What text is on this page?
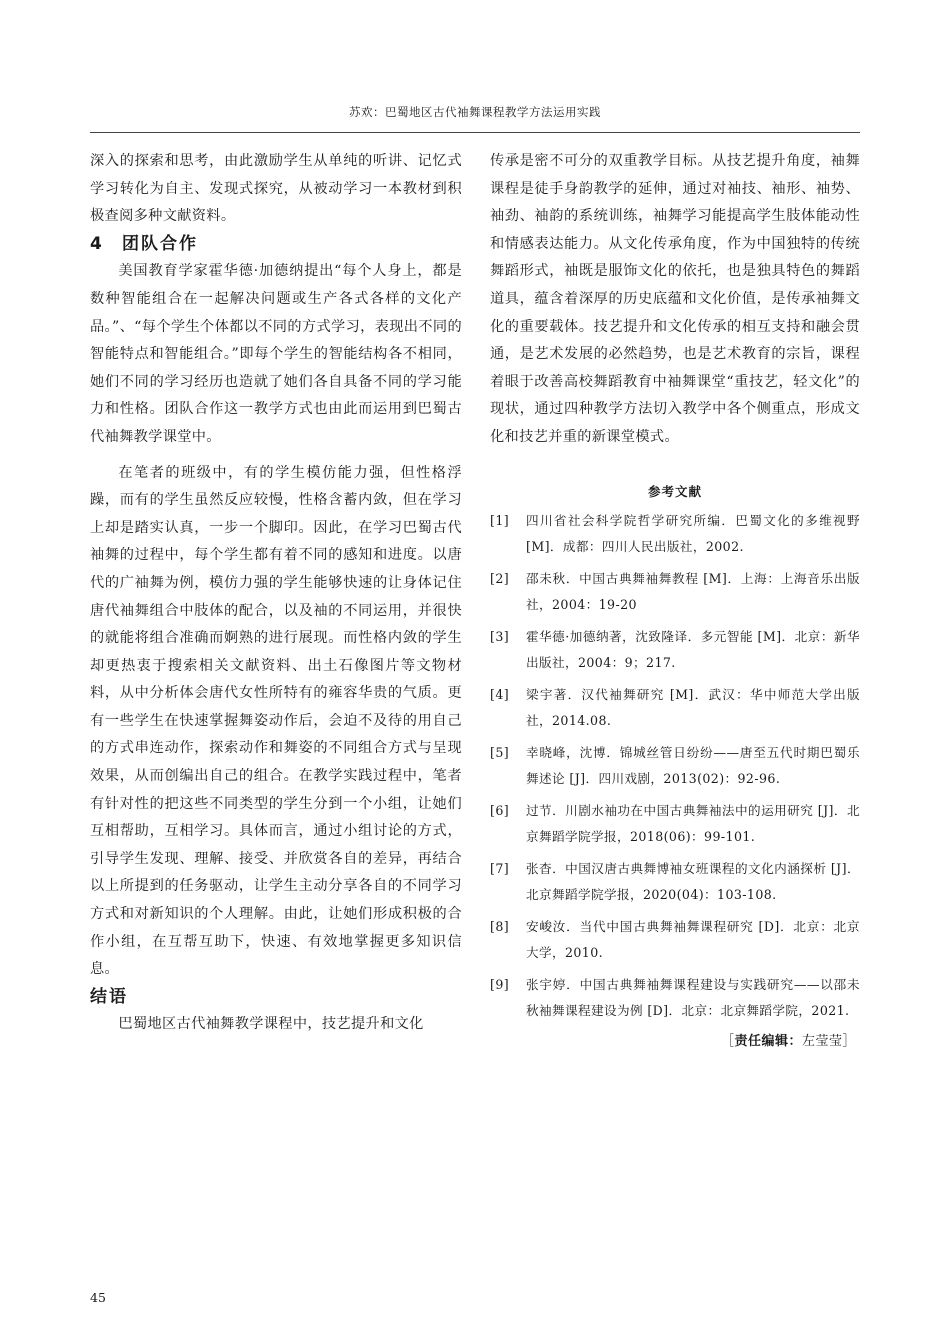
苏欢：巴蜀地区古代袖舞课程教学方法运用实践

深入的探索和思考，由此激励学生从单纯的听讲、记忆式学习转化为自主、发现式探究，从被动学习一本教材到积极查阅多种文献资料。

4 团队合作

美国教育学家霍华德·加德纳提出“每个人身上，都是数种智能组合在一起解决问题或生产各式各样的文化产品。”、“每个学生个体都以不同的方式学习，表现出不同的智能特点和智能组合。”即每个学生的智能结构各不相同，她们不同的学习经历也造就了她们各自具备不同的学习能力和性格。团队合作这一教学方式也由此而运用到巴蜀古代袖舞教学课堂中。

在笔者的班级中，有的学生模仿能力强，但性格浮躁，而有的学生虽然反应较慢，性格含蓄内敛，但在学习上却是踏实认真，一步一个脚印。因此，在学习巴蜀古代袖舞的过程中，每个学生都有着不同的感知和进度。以唐代的广袖舞为例，模仿力强的学生能够快速的让身体记住唐代袖舞组合中肢体的配合，以及袖的不同运用，并很快的就能将组合准确而婀熟的进行展现。而性格内敛的学生却更热衷于搜索相关文献资料、出土石像图片等文物材料，从中分析体会唐代女性所特有的雍容华贵的气质。更有一些学生在快速掌握舞姿动作后，会迫不及待的用自己的方式串连动作，探索动作和舞姿的不同组合方式与呈现效果，从而创编出自己的组合。在教学实践过程中，笔者有针对性的把这些不同类型的学生分到一个小组，让她们互相帮助，互相学习。具体而言，通过小组讨论的方式，引导学生发现、理解、接受、并欣赏各自的差异，再结合以上所提到的任务驱动，让学生主动分享各自的不同学习方式和对新知识的个人理解。由此，让她们形成积极的合作小组，在互帮互助下，快速、有效地掌握更多知识信息。

结语

巴蜀地区古代袖舞教学课程中，技艺提升和文化

传承是密不可分的双重教学目标。从技艺提升角度，袖舞课程是徒手身韵教学的延伸，通过对袖技、袖形、袖势、袖劲、袖韵的系统训练，袖舞学习能提高学生肢体能动性和情感表达能力。从文化传承角度，作为中国独特的传统舞蹈形式，袖既是服饰文化的依托，也是独具特色的舞蹈道具，蕴含着深厚的历史底蕴和文化价值，是传承袖舞文化的重要载体。技艺提升和文化传承的相互支持和融会贯通，是艺术发展的必然趋势，也是艺术教育的宗旨，课程着眼于改善高校舞蹈教育中袖舞课堂“重技艺，轻文化”的现状，通过四种教学方法切入教学中各个侧重点，形成文化和技艺并重的新课堂模式。

参考文献
[1]	四川省社会科学院哲学研究所编．巴蜀文化的多维视野 [M]．成都：四川人民出版社，2002.
[2]	邵未秋．中国古典舞袖舞教程 [M]．上海：上海音乐出版社，2004：19-20
[3]	霍华德·加德纳著，沈致隆译．多元智能 [M]．北京：新华出版社，2004：9；217.
[4]	梁宇著．汉代袖舞研究 [M]．武汉：华中师范大学出版社，2014.08.
[5]	幸晓峰，沈博．锦城丝管日纷纷——唐至五代时期巴蜀乐舞述论 [J]．四川戏剧，2013(02)：92-96.
[6]	过节．川剧水袖功在中国古典舞袖法中的运用研究 [J]．北京舞蹈学院学报，2018(06)：99-101.
[7]	张杳．中国汉唐古典舞博袖女班课程的文化内涵探析 [J]．北京舞蹈学院学报，2020(04)：103-108.
[8]	安峻汝．当代中国古典舞袖舞课程研究 [D]．北京：北京大学，2010.
[9]	张宇婷．中国古典舞袖舞课程建设与实践研究——以邵未秋袖舞课程建设为例 [D]．北京：北京舞蹈学院，2021.
［责任编辑：左莹莹］
45
